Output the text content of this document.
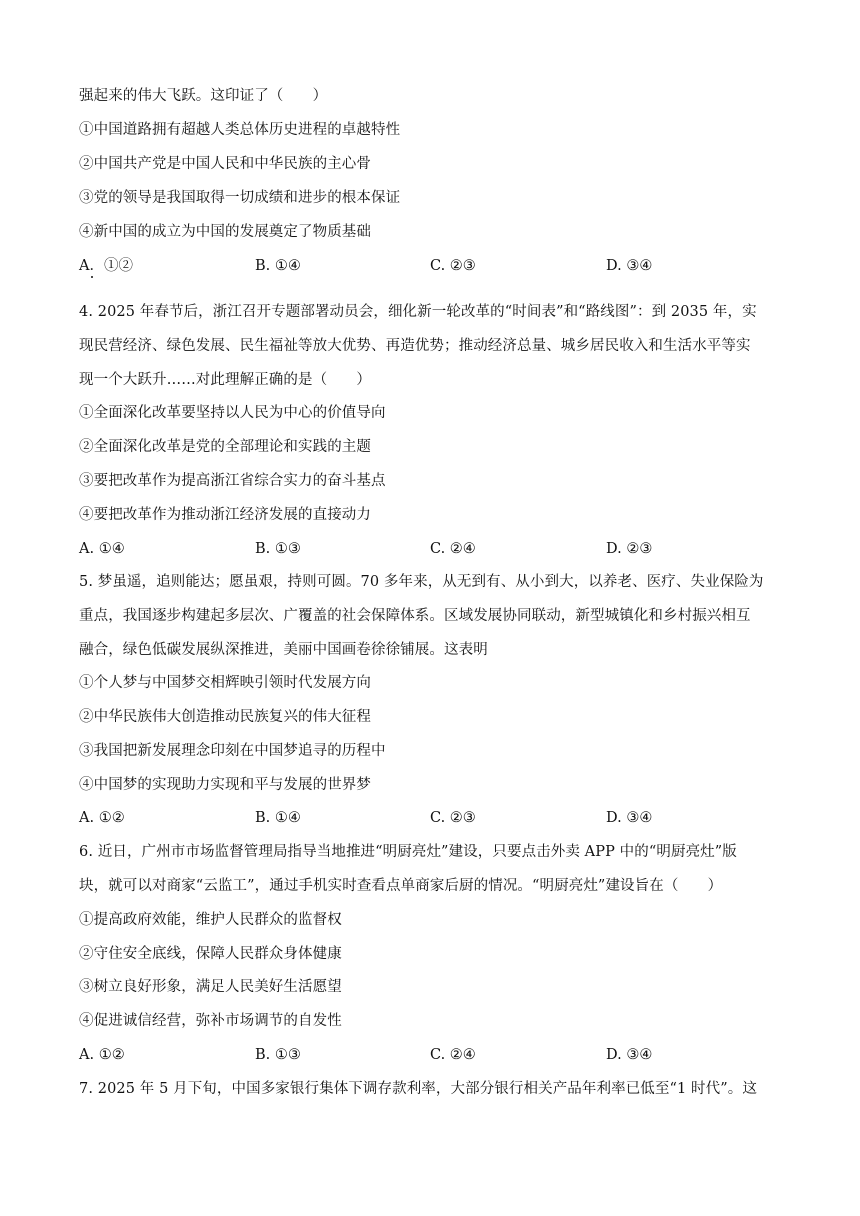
强起来的伟大飞跃。这印证了（　　）
①中国道路拥有超越人类总体历史进程的卓越特性
②中国共产党是中国人民和中华民族的主心骨
③党的领导是我国取得一切成绩和进步的根本保证
④新中国的成立为中国的发展奠定了物质基础
A．①②	B. ①④	C. ②③	D. ③④
4. 2025 年春节后，浙江召开专题部署动员会，细化新一轮改革的“时间表”和“路线图”：到 2035 年，实
现民营经济、绿色发展、民生福祉等放大优势、再造优势；推动经济总量、城乡居民收入和生活水平等实
现一个大跃升……对此理解正确的是（　　）
①全面深化改革要坚持以人民为中心的价值导向
②全面深化改革是党的全部理论和实践的主题
③要把改革作为提高浙江省综合实力的奋斗基点
④要把改革作为推动浙江经济发展的直接动力
A. ①④	B. ①③	C. ②④	D. ②③
5. 梦虽遥，追则能达；愿虽艰，持则可圆。70 多年来，从无到有、从小到大，以养老、医疗、失业保险为
重点，我国逐步构建起多层次、广覆盖的社会保障体系。区域发展协同联动，新型城镇化和乡村振兴相互
融合，绿色低碳发展纵深推进，美丽中国画卷徐徐铺展。这表明
①个人梦与中国梦交相辉映引领时代发展方向
②中华民族伟大创造推动民族复兴的伟大征程
③我国把新发展理念印刻在中国梦追寻的历程中
④中国梦的实现助力实现和平与发展的世界梦
A. ①②	B. ①④	C. ②③	D. ③④
6. 近日，广州市市场监督管理局指导当地推进“明厨亮灶”建设，只要点击外卖 APP 中的“明厨亮灶”版
块，就可以对商家“云监工”，通过手机实时查看点单商家后厨的情况。“明厨亮灶”建设旨在（　　）
①提高政府效能，维护人民群众的监督权
②守住安全底线，保障人民群众身体健康
③树立良好形象，满足人民美好生活愿望
④促进诚信经营，弥补市场调节的自发性
A. ①②	B. ①③	C. ②④	D. ③④
7. 2025 年 5 月下旬，中国多家银行集体下调存款利率，大部分银行相关产品年利率已低至“1 时代”。这
